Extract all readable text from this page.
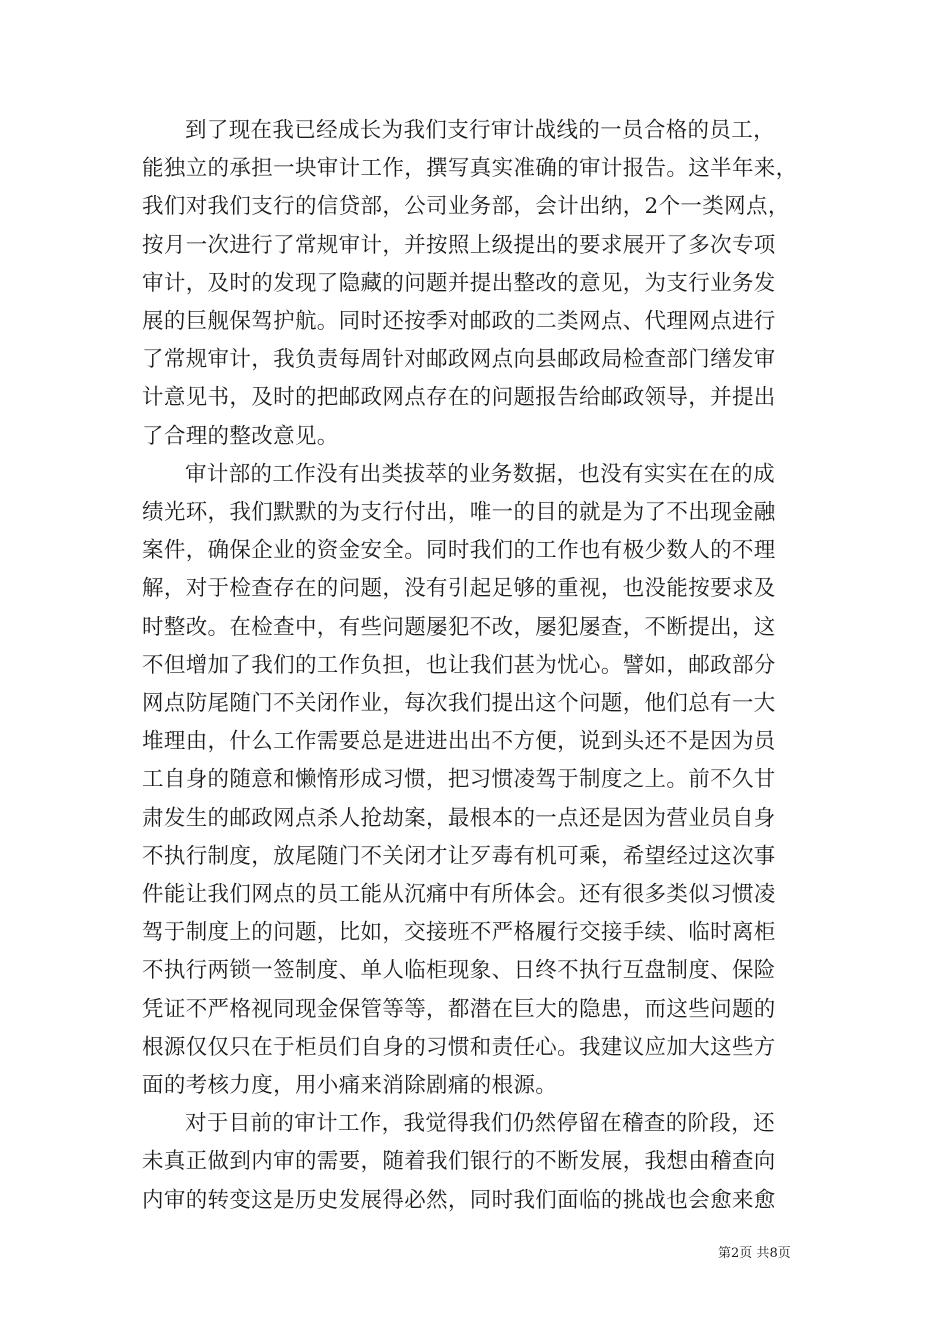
到了现在我已经成长为我们支行审计战线的一员合格的员工，
能独立的承担一块审计工作，撰写真实准确的审计报告。这半年来，
我们对我们支行的信贷部，公司业务部，会计出纳，2个一类网点，
按月一次进行了常规审计，并按照上级提出的要求展开了多次专项
审计，及时的发现了隐藏的问题并提出整改的意见，为支行业务发
展的巨舰保驾护航。同时还按季对邮政的二类网点、代理网点进行
了常规审计，我负责每周针对邮政网点向县邮政局检查部门缮发审
计意见书，及时的把邮政网点存在的问题报告给邮政领导，并提出
了合理的整改意见。

审计部的工作没有出类拔萃的业务数据，也没有实实在在的成
绩光环，我们默默的为支行付出，唯一的目的就是为了不出现金融
案件，确保企业的资金安全。同时我们的工作也有极少数人的不理
解，对于检查存在的问题，没有引起足够的重视，也没能按要求及
时整改。在检查中，有些问题屡犯不改，屡犯屡查，不断提出，这
不但增加了我们的工作负担，也让我们甚为忧心。譬如，邮政部分
网点防尾随门不关闭作业，每次我们提出这个问题，他们总有一大
堆理由，什么工作需要总是进进出出不方便，说到头还不是因为员
工自身的随意和懒惰形成习惯，把习惯凌驾于制度之上。前不久甘
肃发生的邮政网点杀人抢劫案，最根本的一点还是因为营业员自身
不执行制度，放尾随门不关闭才让歹毒有机可乘，希望经过这次事
件能让我们网点的员工能从沉痛中有所体会。还有很多类似习惯凌
驾于制度上的问题，比如，交接班不严格履行交接手续、临时离柜
不执行两锁一签制度、单人临柜现象、日终不执行互盘制度、保险
凭证不严格视同现金保管等等，都潜在巨大的隐患，而这些问题的
根源仅仅只在于柜员们自身的习惯和责任心。我建议应加大这些方
面的考核力度，用小痛来消除剧痛的根源。

对于目前的审计工作，我觉得我们仍然停留在稽查的阶段，还
未真正做到内审的需要，随着我们银行的不断发展，我想由稽查向
内审的转变这是历史发展得必然，同时我们面临的挑战也会愈来愈

第2页 共8页
